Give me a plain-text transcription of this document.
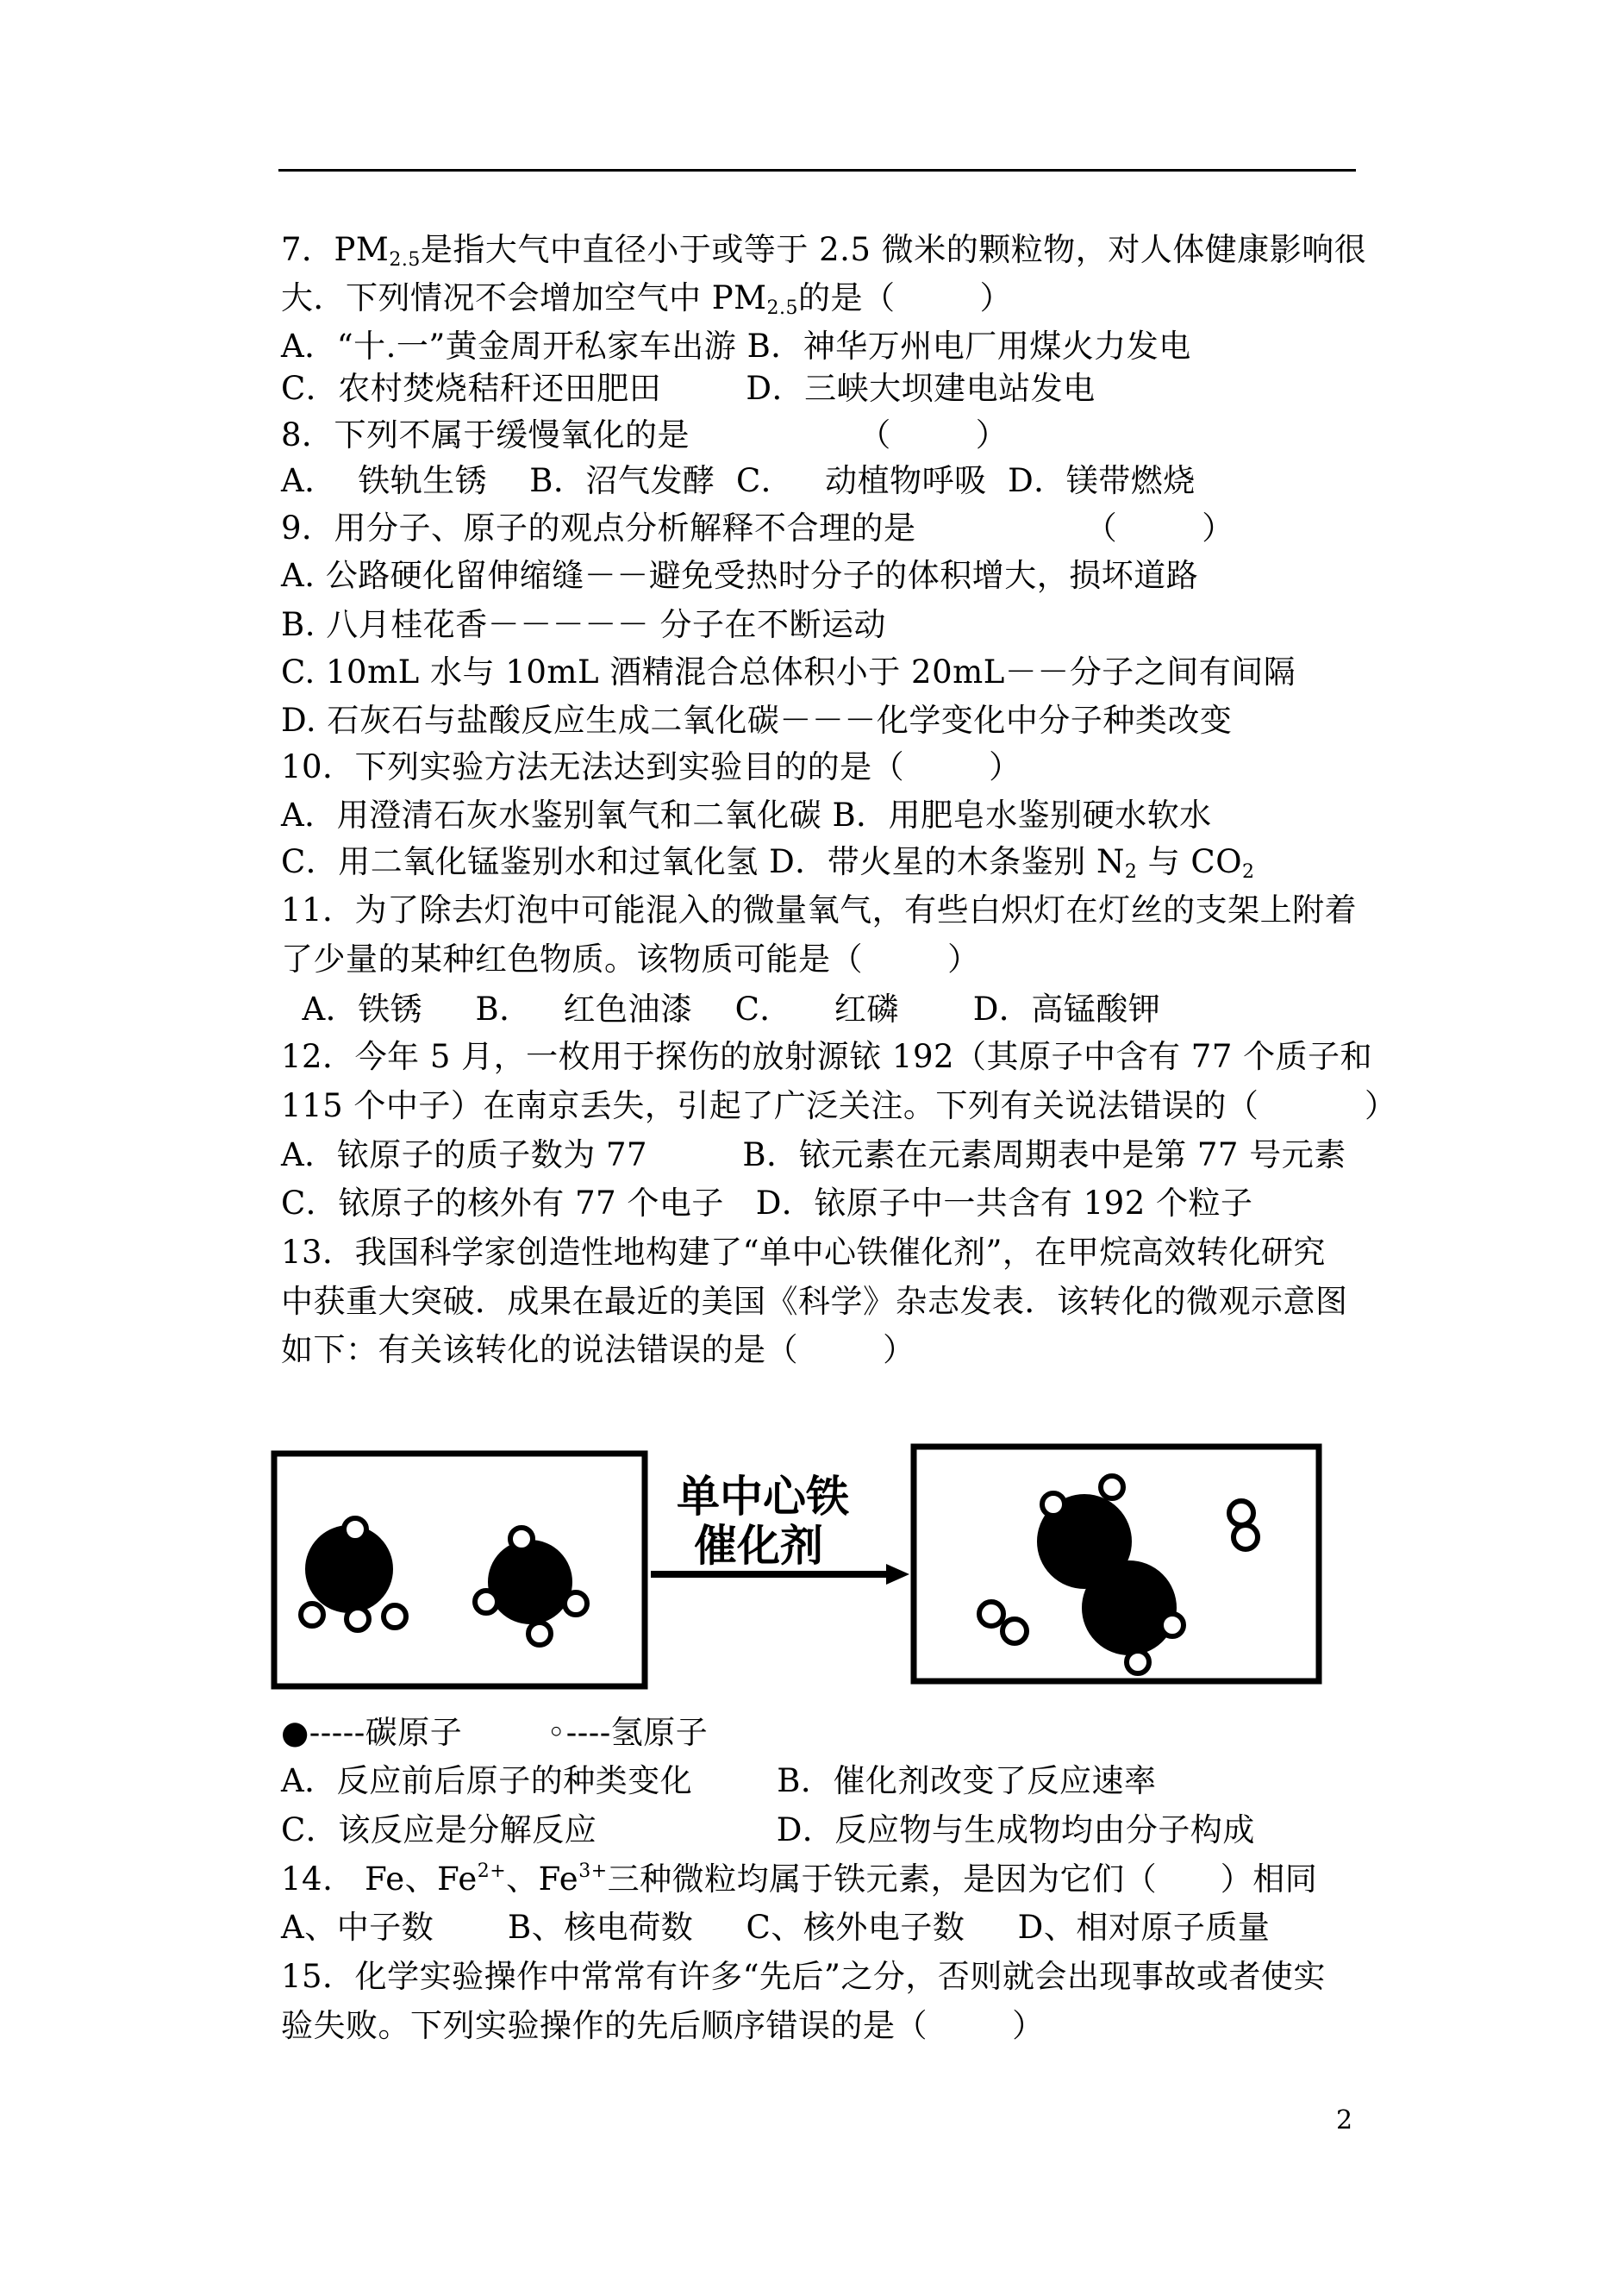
7．$PM_{2.5}$是指大气中直径小于或等于 2.5 微米的颗粒物，对人体健康影响很
大．下列情况不会增加空气中 $PM_{2.5}$的是（        ）
A．“十.一”黄金周开私家车出游 B．神华万州电厂用煤火力发电
C．农村焚烧秸秆还田肥田        D．三峡大坝建电站发电
8．下列不属于缓慢氧化的是                （        ）
A．  铁轨生锈    B．沼气发酵  C．   动植物呼吸  D．镁带燃烧
9．用分子、原子的观点分析解释不合理的是                （        ）
A. 公路硬化留伸缩缝－－避免受热时分子的体积增大，损坏道路
B. 八月桂花香－－－－－ 分子在不断运动
C. 10mL 水与 10mL 酒精混合总体积小于 20mL－－分子之间有间隔
D. 石灰石与盐酸反应生成二氧化碳－－－化学变化中分子种类改变
10．下列实验方法无法达到实验目的的是（        ）
A．用澄清石灰水鉴别氧气和二氧化碳 B．用肥皂水鉴别硬水软水
C．用二氧化锰鉴别水和过氧化氢 D．带火星的木条鉴别 $N_2$ 与 $CO_2$
11．为了除去灯泡中可能混入的微量氧气，有些白炽灯在灯丝的支架上附着
了少量的某种红色物质。该物质可能是（        ）
A．铁锈     B．   红色油漆    C．    红磷       D．高锰酸钾
12．今年 5 月，一枚用于探伤的放射源铱 192（其原子中含有 77 个质子和
115 个中子）在南京丢失，引起了广泛关注。下列有关说法错误的（          ）
A．铱原子的质子数为 77         B．铱元素在元素周期表中是第 77 号元素
C．铱原子的核外有 77 个电子   D．铱原子中一共含有 192 个粒子
13．我国科学家创造性地构建了“单中心铁催化剂”，在甲烷高效转化研究
中获重大突破．成果在最近的美国《科学》杂志发表．该转化的微观示意图
如下：有关该转化的说法错误的是（        ）
单中心铁
催化剂
●-----碳原子        ◦----氢原子
A．反应前后原子的种类变化        B．催化剂改变了反应速率
C．该反应是分解反应                 D．反应物与生成物均由分子构成
14.   Fe、$Fe^{2+}$、$Fe^{3+}$三种微粒均属于铁元素，是因为它们（      ）相同
A、中子数       B、核电荷数     C、核外电子数     D、相对原子质量
15．化学实验操作中常常有许多“先后”之分，否则就会出现事故或者使实
验失败。下列实验操作的先后顺序错误的是（        ）
2
